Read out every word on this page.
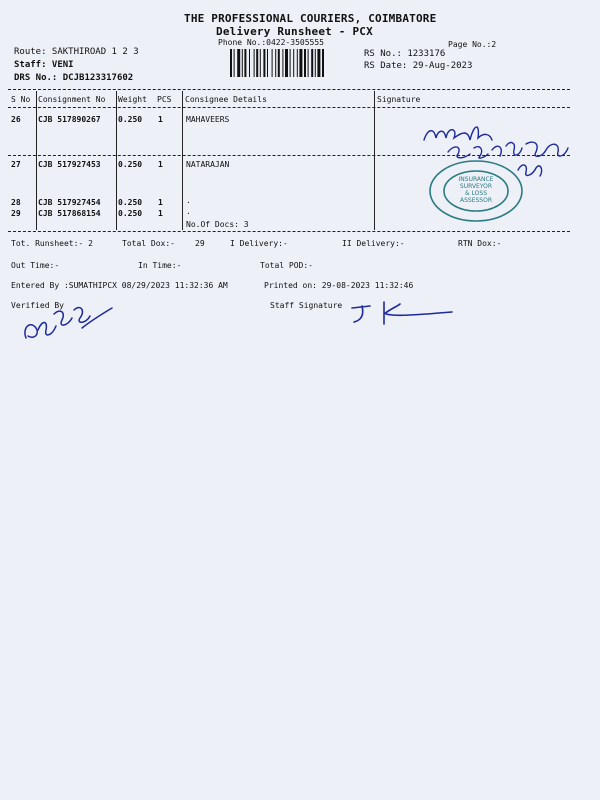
THE PROFESSIONAL COURIERS, COIMBATORE
Delivery Runsheet - PCX
Phone No.:0422-3505555	Page No.:2
Route: SAKTHIROAD 1 2 3
Staff: VENI
DRS No.: DCJB123317602
RS No.: 1233176
RS Date: 29-Aug-2023
S No Consignment No Weight PCS Consignee Details	Signature
26 CJB 517890267 0.250 1	MAHAVEERS
27 CJB 517927453 0.250 1	NATARAJAN
28 CJB 517927454 0.250 1	.
29 CJB 517868154 0.250 1	.
No.Of Docs: 3
Tot. Runsheet:- 2	Total Dox:-	29	I Delivery:-	II Delivery:-	RTN Dox:-
Out Time:-	In Time:-	Total POD:-
Entered By :SUMATHIPCX 08/29/2023 11:32:36 AM	Printed on: 29-08-2023 11:32:46
Verified By	Staff Signature
INSURANCE
SURVEYOR
& LOSS
ASSESSOR
